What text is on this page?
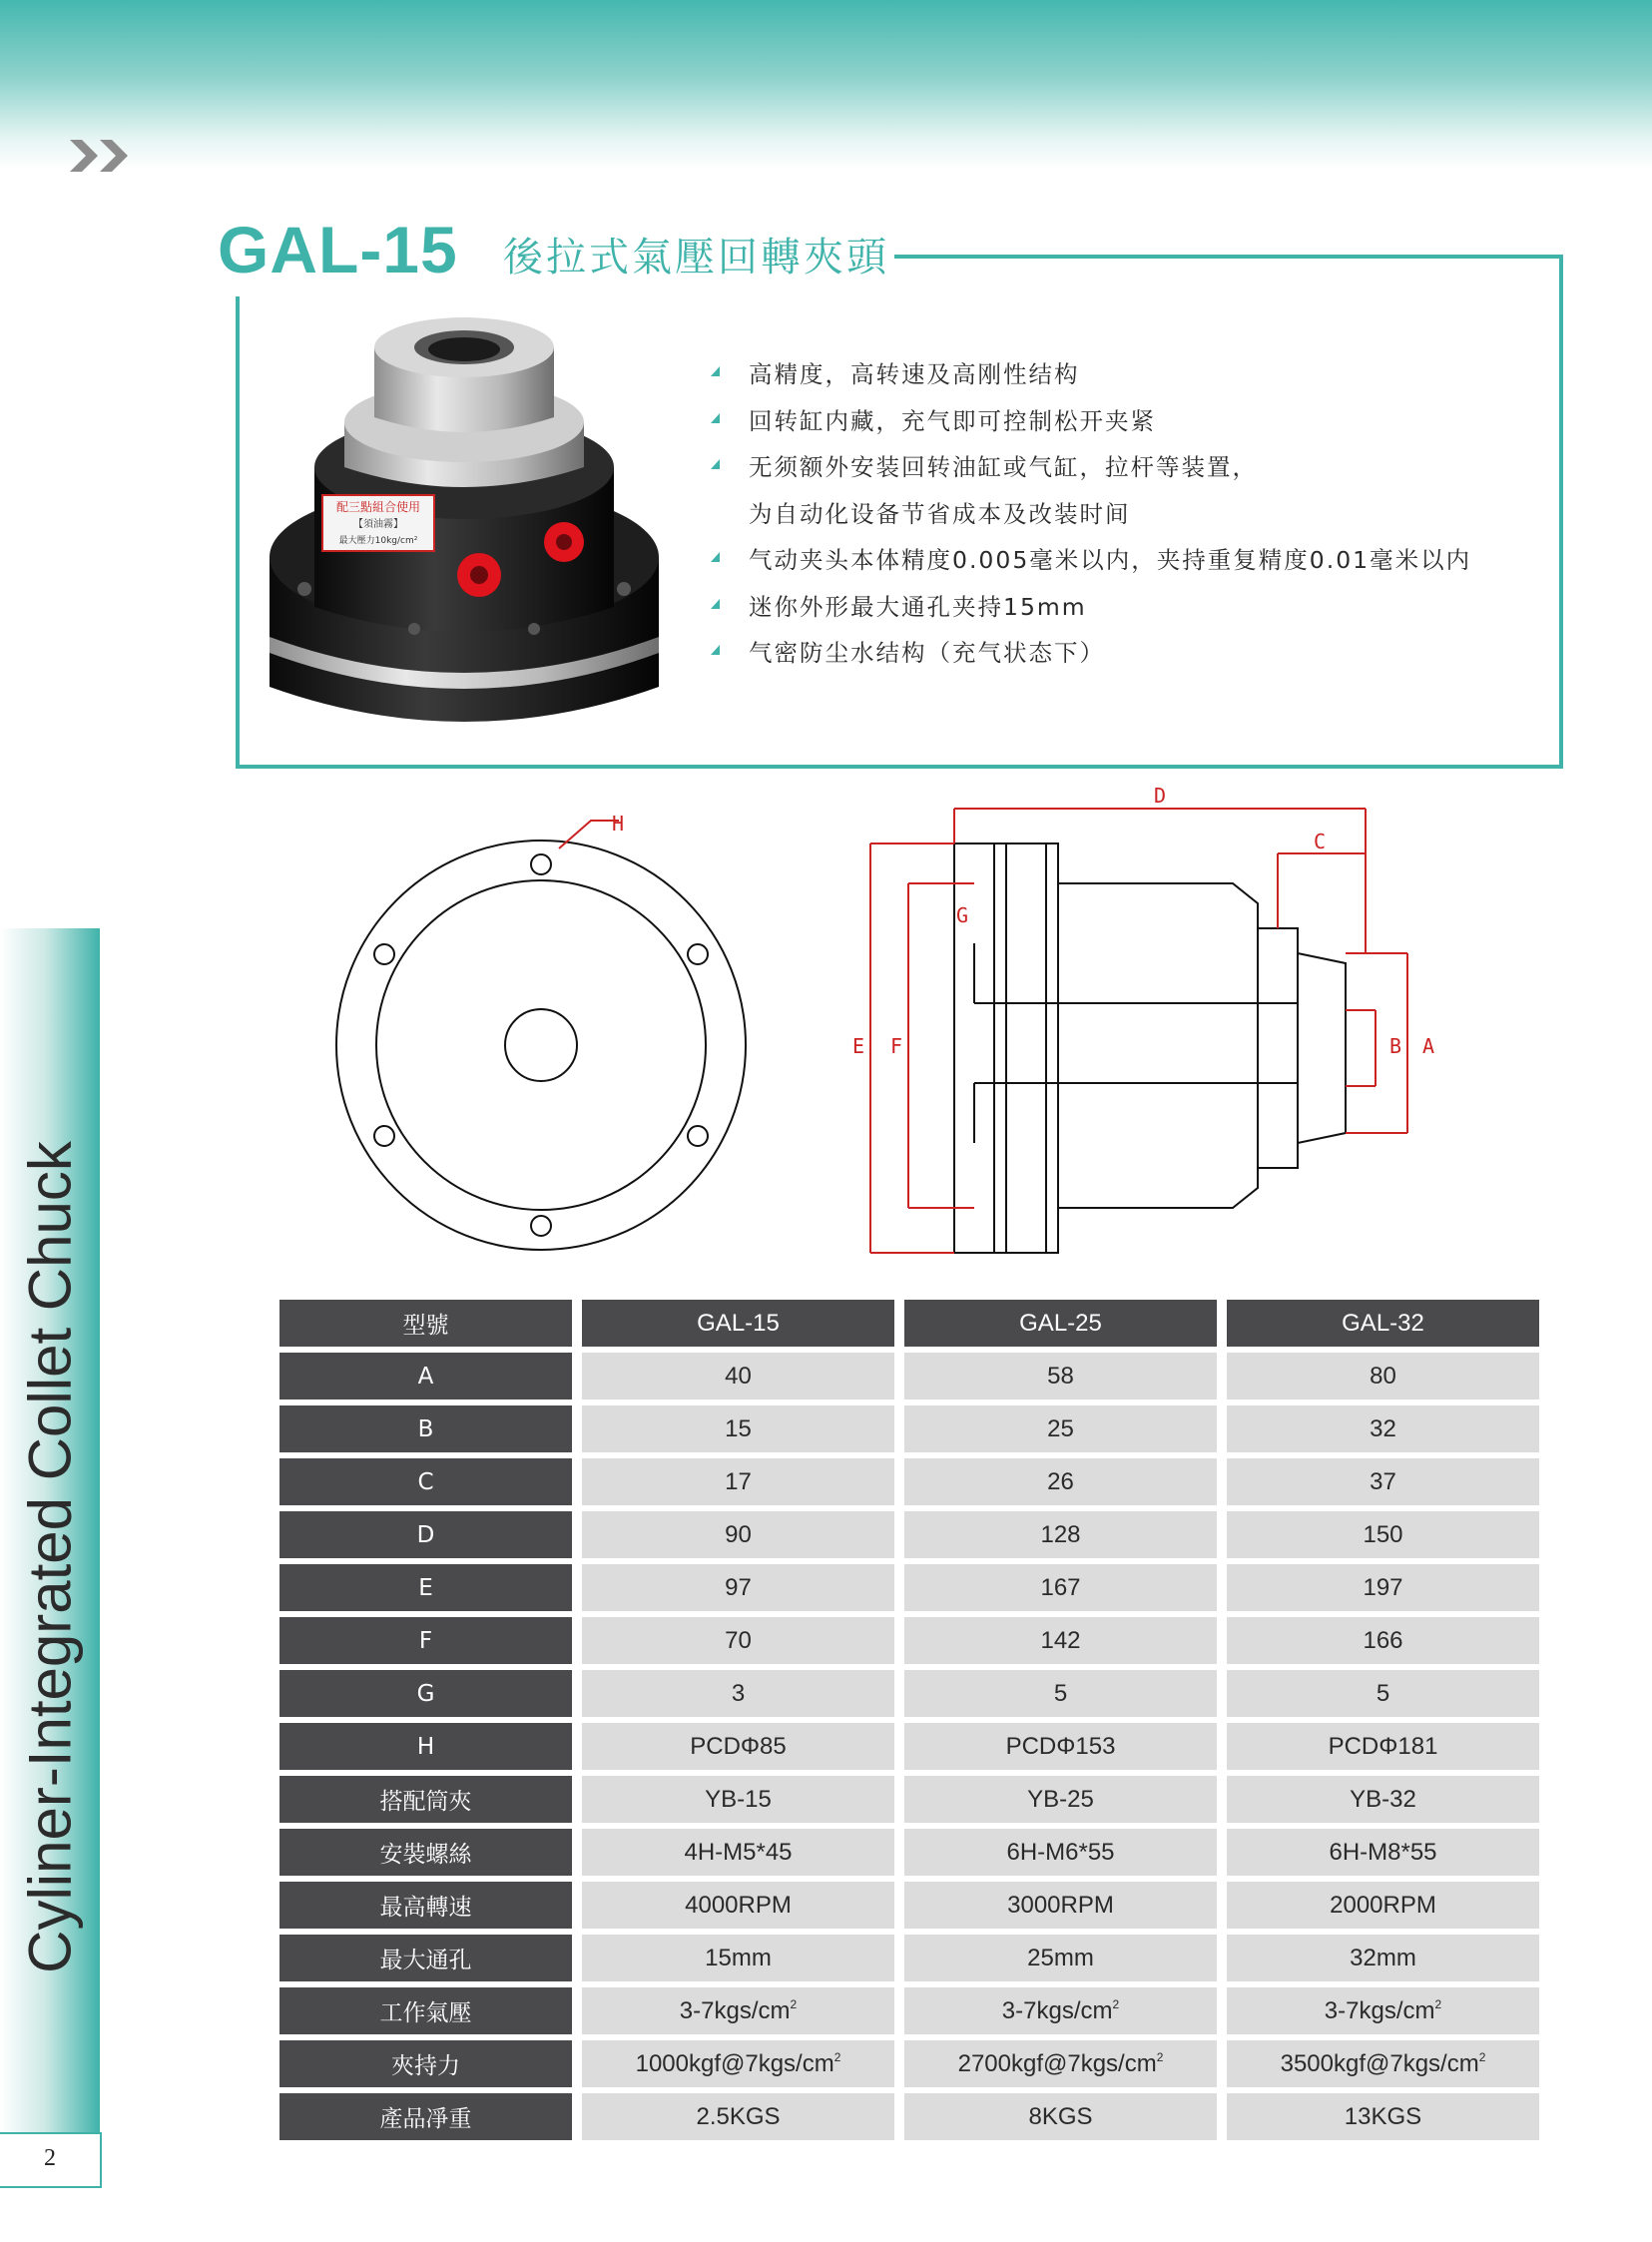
Cyliner-Integrated Collet Chuck
2
GAL-15 後拉式氣壓回轉夾頭
配三點組合使用
【須油霧】
最大壓力10kg/cm²
高精度，高转速及高刚性结构
回转缸内藏，充气即可控制松开夹紧
无须额外安装回转油缸或气缸，拉杆等装置，
为自动化设备节省成本及改装时间
气动夹头本体精度0.005毫米以内，夹持重复精度0.01毫米以内
迷你外形最大通孔夹持15mm
气密防尘水结构（充气状态下）
H
D
C
G
E F	B A
型號	GAL-15	GAL-25	GAL-32
A	40	58	80
B	15	25	32
C	17	26	37
D	90	128	150
E	97	167	197
F	70	142	166
G	3	5	5
H	PCDΦ85	PCDΦ153	PCDΦ181
搭配筒夾	YB-15	YB-25	YB-32
安裝螺絲	4H-M5*45	6H-M6*55	6H-M8*55
最高轉速	4000RPM	3000RPM	2000RPM
最大通孔	15mm	25mm	32mm
工作氣壓	$3-7kgs/cm^2$	$3-7kgs/cm^2$	$3-7kgs/cm^2$
夾持力	$1000kgf@7kgs/cm^2$	$2700kgf@7kgs/cm^2$	$3500kgf@7kgs/cm^2$
產品凈重	2.5KGS	8KGS	13KGS
